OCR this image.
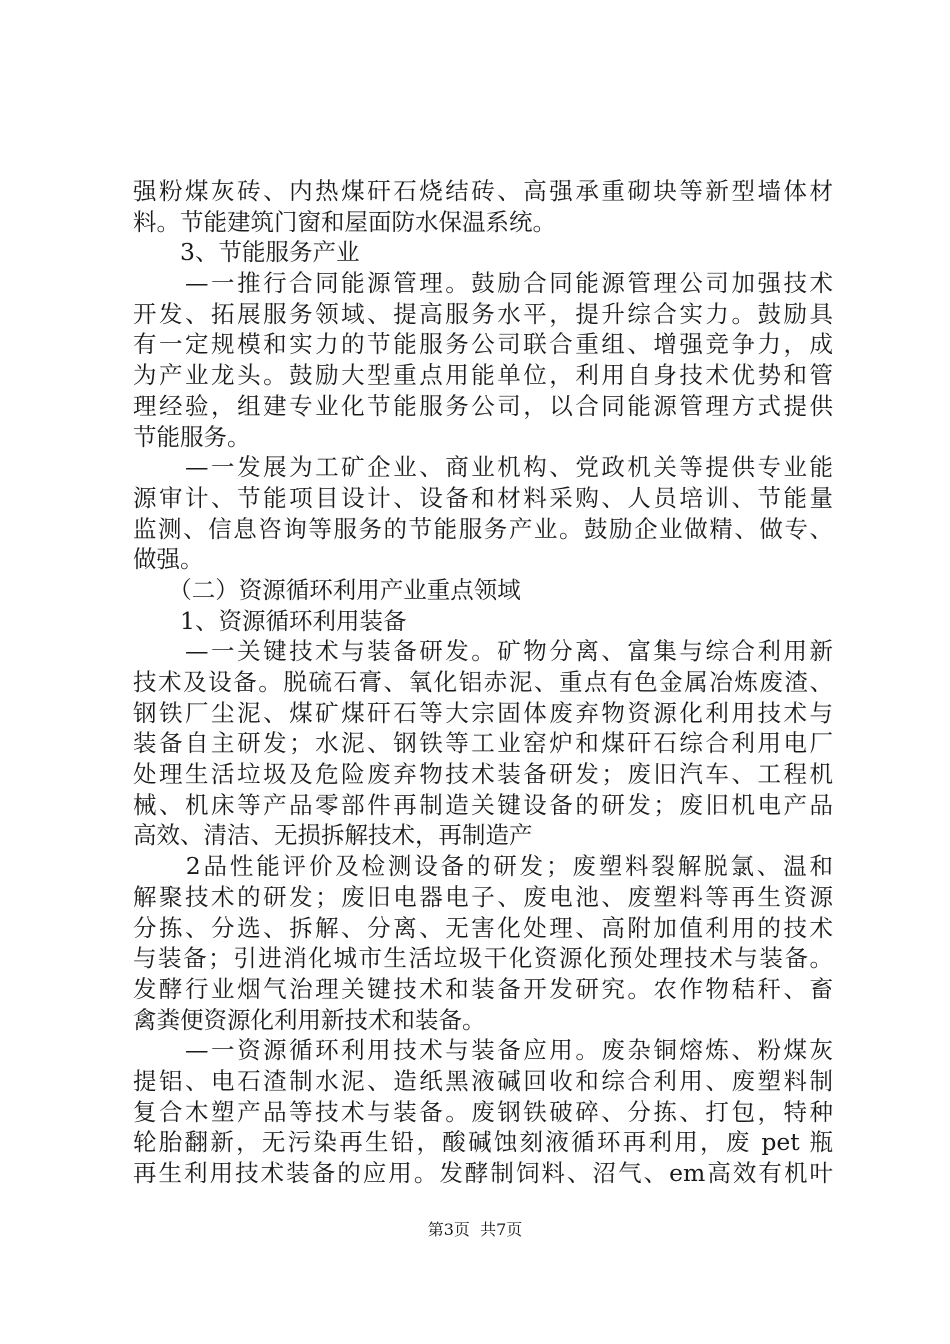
强粉煤灰砖、内热煤矸石烧结砖、高强承重砌块等新型墙体材
料。节能建筑门窗和屋面防水保温系统。
　　3、节能服务产业
　　—一推行合同能源管理。鼓励合同能源管理公司加强技术
开发、拓展服务领域、提高服务水平，提升综合实力。鼓励具
有一定规模和实力的节能服务公司联合重组、增强竞争力，成
为产业龙头。鼓励大型重点用能单位，利用自身技术优势和管
理经验，组建专业化节能服务公司，以合同能源管理方式提供
节能服务。
　　—一发展为工矿企业、商业机构、党政机关等提供专业能
源审计、节能项目设计、设备和材料采购、人员培训、节能量
监测、信息咨询等服务的节能服务产业。鼓励企业做精、做专、
做强。
　　（二）资源循环利用产业重点领域
　　1、资源循环利用装备
　　—一关键技术与装备研发。矿物分离、富集与综合利用新
技术及设备。脱硫石膏、氧化铝赤泥、重点有色金属冶炼废渣、
钢铁厂尘泥、煤矿煤矸石等大宗固体废弃物资源化利用技术与
装备自主研发；水泥、钢铁等工业窑炉和煤矸石综合利用电厂
处理生活垃圾及危险废弃物技术装备研发；废旧汽车、工程机
械、机床等产品零部件再制造关键设备的研发；废旧机电产品
高效、清洁、无损拆解技术，再制造产
　　2品性能评价及检测设备的研发；废塑料裂解脱氯、温和
解聚技术的研发；废旧电器电子、废电池、废塑料等再生资源
分拣、分选、拆解、分离、无害化处理、高附加值利用的技术
与装备；引进消化城市生活垃圾干化资源化预处理技术与装备。
发酵行业烟气治理关键技术和装备开发研究。农作物秸秆、畜
禽粪便资源化利用新技术和装备。
　　—一资源循环利用技术与装备应用。废杂铜熔炼、粉煤灰
提铝、电石渣制水泥、造纸黑液碱回收和综合利用、废塑料制
复合木塑产品等技术与装备。废钢铁破碎、分拣、打包，特种
轮胎翻新，无污染再生铅，酸碱蚀刻液循环再利用，废 pet 瓶
再生利用技术装备的应用。发酵制饲料、沼气、em高效有机叶
第3页  共7页
